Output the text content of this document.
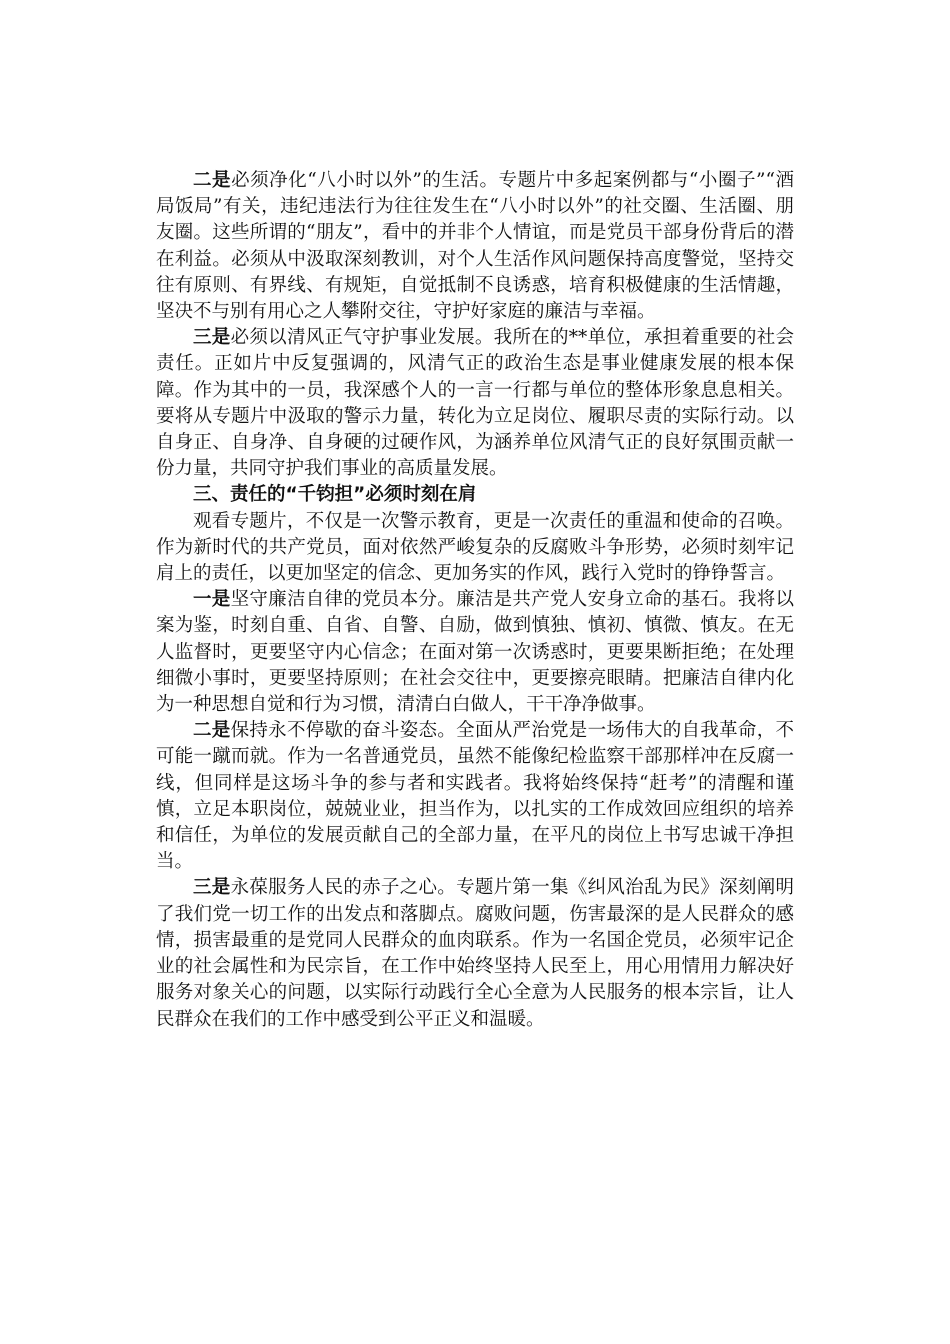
二是必须净化“八小时以外”的生活。专题片中多起案例都与“小圈子”“酒局饭局”有关，违纪违法行为往往发生在“八小时以外”的社交圈、生活圈、朋友圈。这些所谓的“朋友”，看中的并非个人情谊，而是党员干部身份背后的潜在利益。必须从中汲取深刻教训，对个人生活作风问题保持高度警觉，坚持交往有原则、有界线、有规矩，自觉抵制不良诱惑，培育积极健康的生活情趣，坚决不与别有用心之人攀附交往，守护好家庭的廉洁与幸福。

三是必须以清风正气守护事业发展。我所在的**单位，承担着重要的社会责任。正如片中反复强调的，风清气正的政治生态是事业健康发展的根本保障。作为其中的一员，我深感个人的一言一行都与单位的整体形象息息相关。要将从专题片中汲取的警示力量，转化为立足岗位、履职尽责的实际行动。以自身正、自身净、自身硬的过硬作风，为涵养单位风清气正的良好氛围贡献一份力量，共同守护我们事业的高质量发展。

三、责任的“千钧担”必须时刻在肩

观看专题片，不仅是一次警示教育，更是一次责任的重温和使命的召唤。作为新时代的共产党员，面对依然严峻复杂的反腐败斗争形势，必须时刻牢记肩上的责任，以更加坚定的信念、更加务实的作风，践行入党时的铮铮誓言。

一是坚守廉洁自律的党员本分。廉洁是共产党人安身立命的基石。我将以案为鉴，时刻自重、自省、自警、自励，做到慎独、慎初、慎微、慎友。在无人监督时，更要坚守内心信念；在面对第一次诱惑时，更要果断拒绝；在处理细微小事时，更要坚持原则；在社会交往中，更要擦亮眼睛。把廉洁自律内化为一种思想自觉和行为习惯，清清白白做人，干干净净做事。

二是保持永不停歇的奋斗姿态。全面从严治党是一场伟大的自我革命，不可能一蹴而就。作为一名普通党员，虽然不能像纪检监察干部那样冲在反腐一线，但同样是这场斗争的参与者和实践者。我将始终保持“赶考”的清醒和谨慎，立足本职岗位，兢兢业业，担当作为，以扎实的工作成效回应组织的培养和信任，为单位的发展贡献自己的全部力量，在平凡的岗位上书写忠诚干净担当。

三是永葆服务人民的赤子之心。专题片第一集《纠风治乱为民》深刻阐明了我们党一切工作的出发点和落脚点。腐败问题，伤害最深的是人民群众的感情，损害最重的是党同人民群众的血肉联系。作为一名国企党员，必须牢记企业的社会属性和为民宗旨，在工作中始终坚持人民至上，用心用情用力解决好服务对象关心的问题，以实际行动践行全心全意为人民服务的根本宗旨，让人民群众在我们的工作中感受到公平正义和温暖。
